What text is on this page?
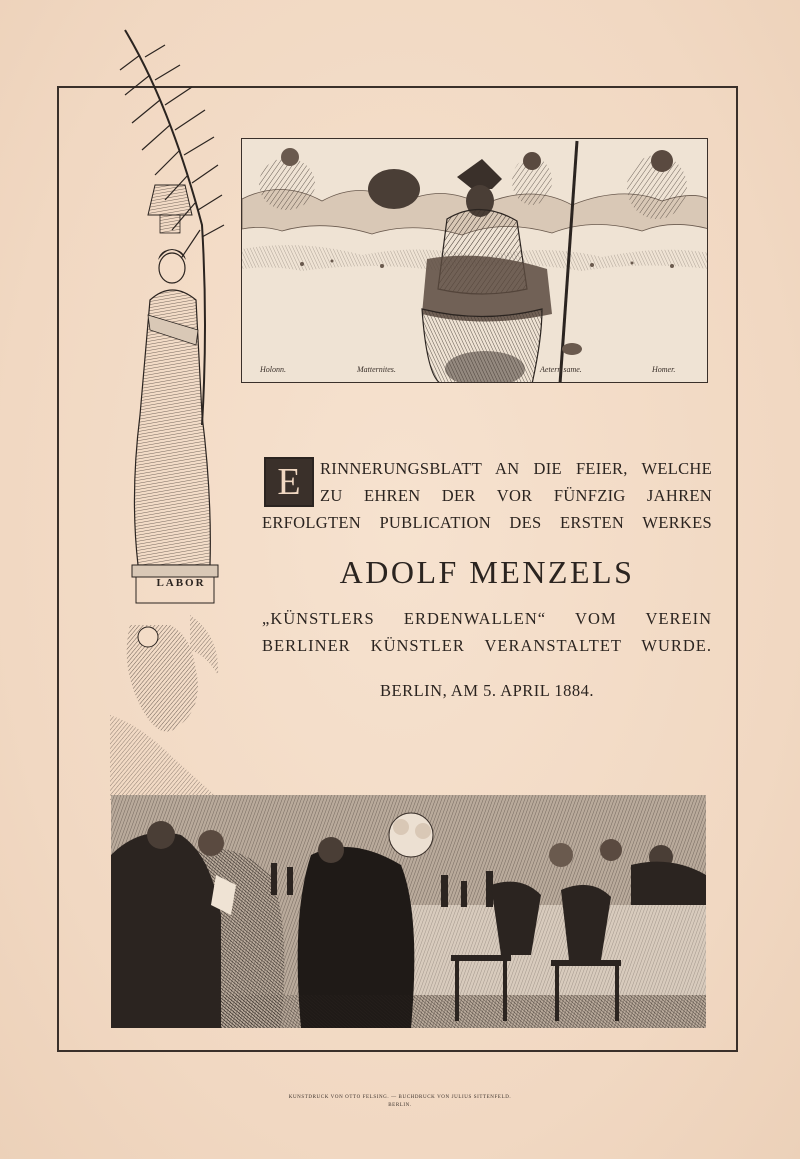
Holonn.	Matternites.	Aetern same.	Homer.
LABOR
E	RINNERUNGSBLATT AN DIE FEIER, WELCHE
ZU EHREN DER VOR FÜNFZIG JAHREN
ERFOLGTEN PUBLICATION DES ERSTEN WERKES
ADOLF MENZELS
„KÜNSTLERS ERDENWALLEN“ VOM VEREIN
BERLINER KÜNSTLER VERANSTALTET WURDE.
BERLIN, AM 5. APRIL 1884.
KUNSTDRUCK VON OTTO FELSING. — BUCHDRUCK VON JULIUS SITTENFELD.
BERLIN.
